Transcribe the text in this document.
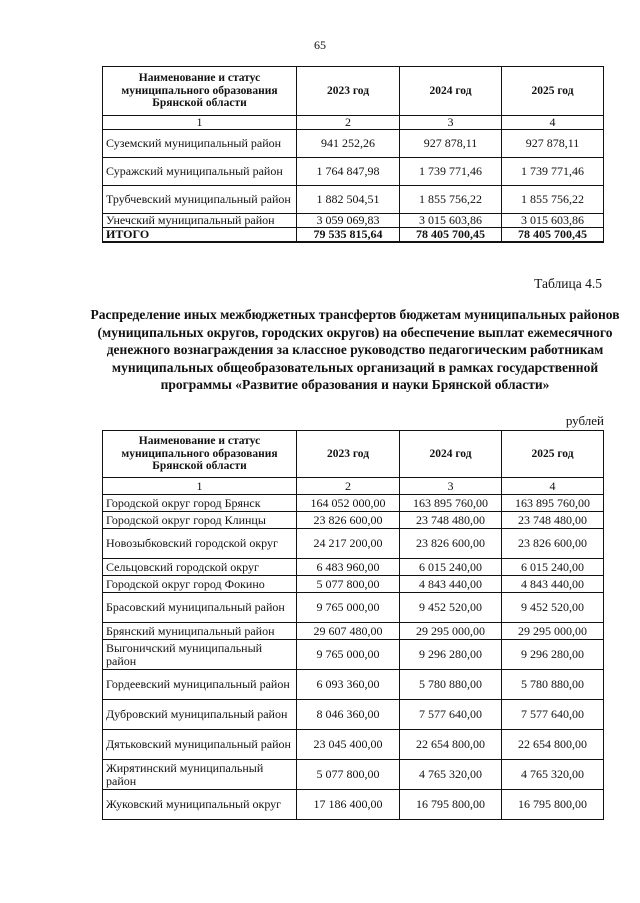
65
Наименование и статус муниципального образования Брянской области	2023 год	2024 год	2025 год
1	2	3	4
Суземский муниципальный район	941 252,26	927 878,11	927 878,11
Суражский муниципальный район	1 764 847,98	1 739 771,46	1 739 771,46
Трубчевский муниципальный район	1 882 504,51	1 855 756,22	1 855 756,22
Унечский муниципальный район	3 059 069,83	3 015 603,86	3 015 603,86
ИТОГО	79 535 815,64	78 405 700,45	78 405 700,45
Таблица 4.5
Распределение иных межбюджетных трансфертов бюджетам муниципальных районов (муниципальных округов, городских округов) на обеспечение выплат ежемесячного денежного вознаграждения за классное руководство педагогическим работникам муниципальных общеобразовательных организаций в рамках государственной программы «Развитие образования и науки Брянской области»
рублей
Наименование и статус муниципального образования Брянской области	2023 год	2024 год	2025 год
1	2	3	4
Городской округ город Брянск	164 052 000,00	163 895 760,00	163 895 760,00
Городской округ город Клинцы	23 826 600,00	23 748 480,00	23 748 480,00
Новозыбковский городской округ	24 217 200,00	23 826 600,00	23 826 600,00
Сельцовский городской округ	6 483 960,00	6 015 240,00	6 015 240,00
Городской округ город Фокино	5 077 800,00	4 843 440,00	4 843 440,00
Брасовский муниципальный район	9 765 000,00	9 452 520,00	9 452 520,00
Брянский муниципальный район	29 607 480,00	29 295 000,00	29 295 000,00
Выгоничский муниципальный район	9 765 000,00	9 296 280,00	9 296 280,00
Гордеевский муниципальный район	6 093 360,00	5 780 880,00	5 780 880,00
Дубровский муниципальный район	8 046 360,00	7 577 640,00	7 577 640,00
Дятьковский муниципальный район	23 045 400,00	22 654 800,00	22 654 800,00
Жирятинский муниципальный район	5 077 800,00	4 765 320,00	4 765 320,00
Жуковский муниципальный округ	17 186 400,00	16 795 800,00	16 795 800,00
